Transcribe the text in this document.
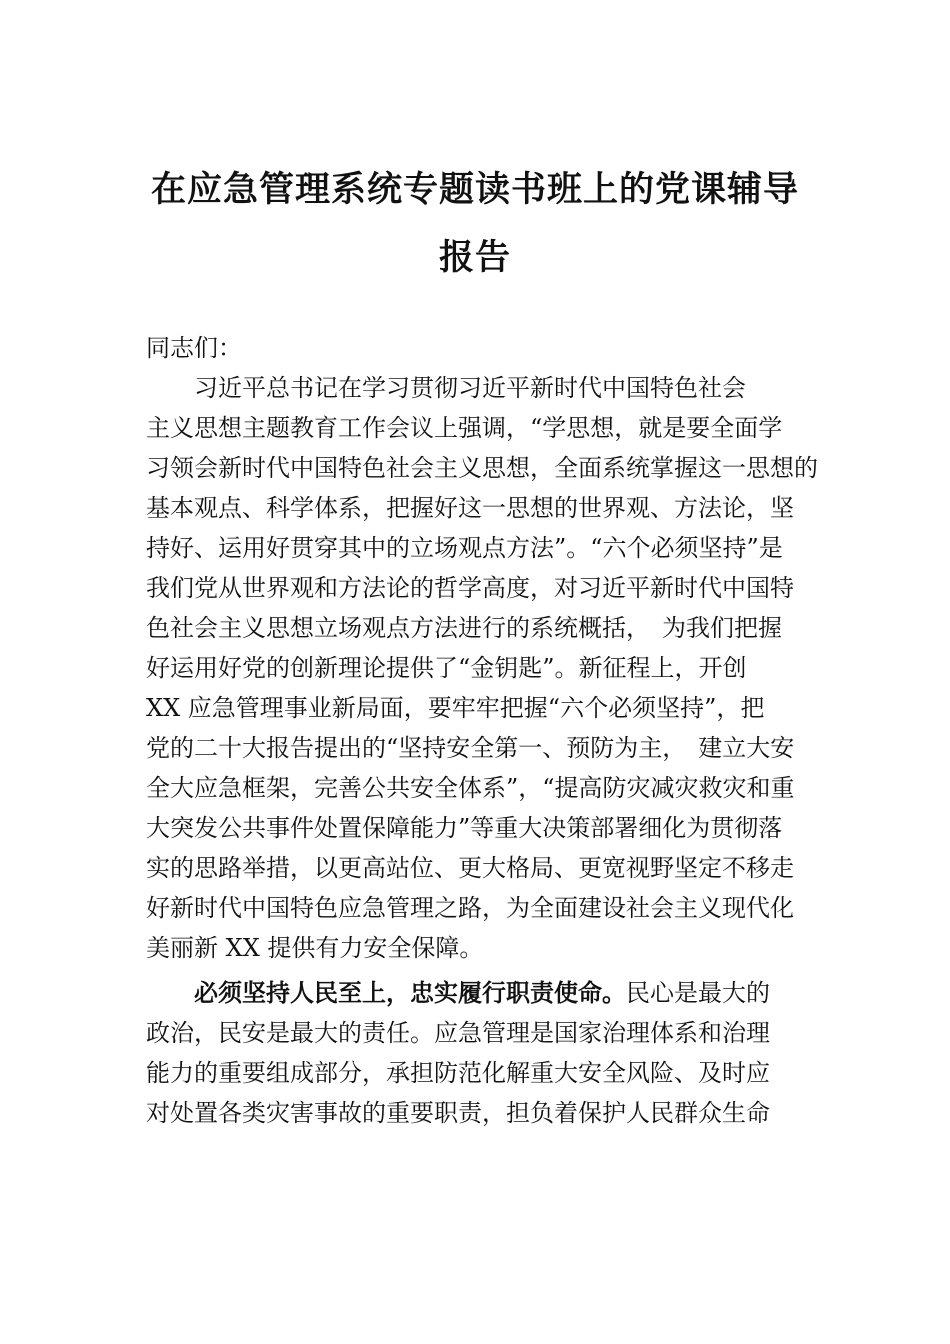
在应急管理系统专题读书班上的党课辅导
报告
同志们：
　　习近平总书记在学习贯彻习近平新时代中国特色社会
主义思想主题教育工作会议上强调，“学思想，就是要全面学
习领会新时代中国特色社会主义思想，全面系统掌握这一思想的
基本观点、科学体系，把握好这一思想的世界观、方法论，坚
持好、运用好贯穿其中的立场观点方法”。“六个必须坚持”是
我们党从世界观和方法论的哲学高度，对习近平新时代中国特
色社会主义思想立场观点方法进行的系统概括，　为我们把握
好运用好党的创新理论提供了“金钥匙”。新征程上，开创
XX 应急管理事业新局面，要牢牢把握“六个必须坚持”，把
党的二十大报告提出的“坚持安全第一、预防为主，　建立大安
全大应急框架，完善公共安全体系”，“提高防灾减灾救灾和重
大突发公共事件处置保障能力”等重大决策部署细化为贯彻落
实的思路举措，以更高站位、更大格局、更宽视野坚定不移走
好新时代中国特色应急管理之路，为全面建设社会主义现代化
美丽新 XX 提供有力安全保障。
　　必须坚持人民至上，忠实履行职责使命。民心是最大的
政治，民安是最大的责任。应急管理是国家治理体系和治理
能力的重要组成部分，承担防范化解重大安全风险、及时应
对处置各类灾害事故的重要职责，担负着保护人民群众生命
